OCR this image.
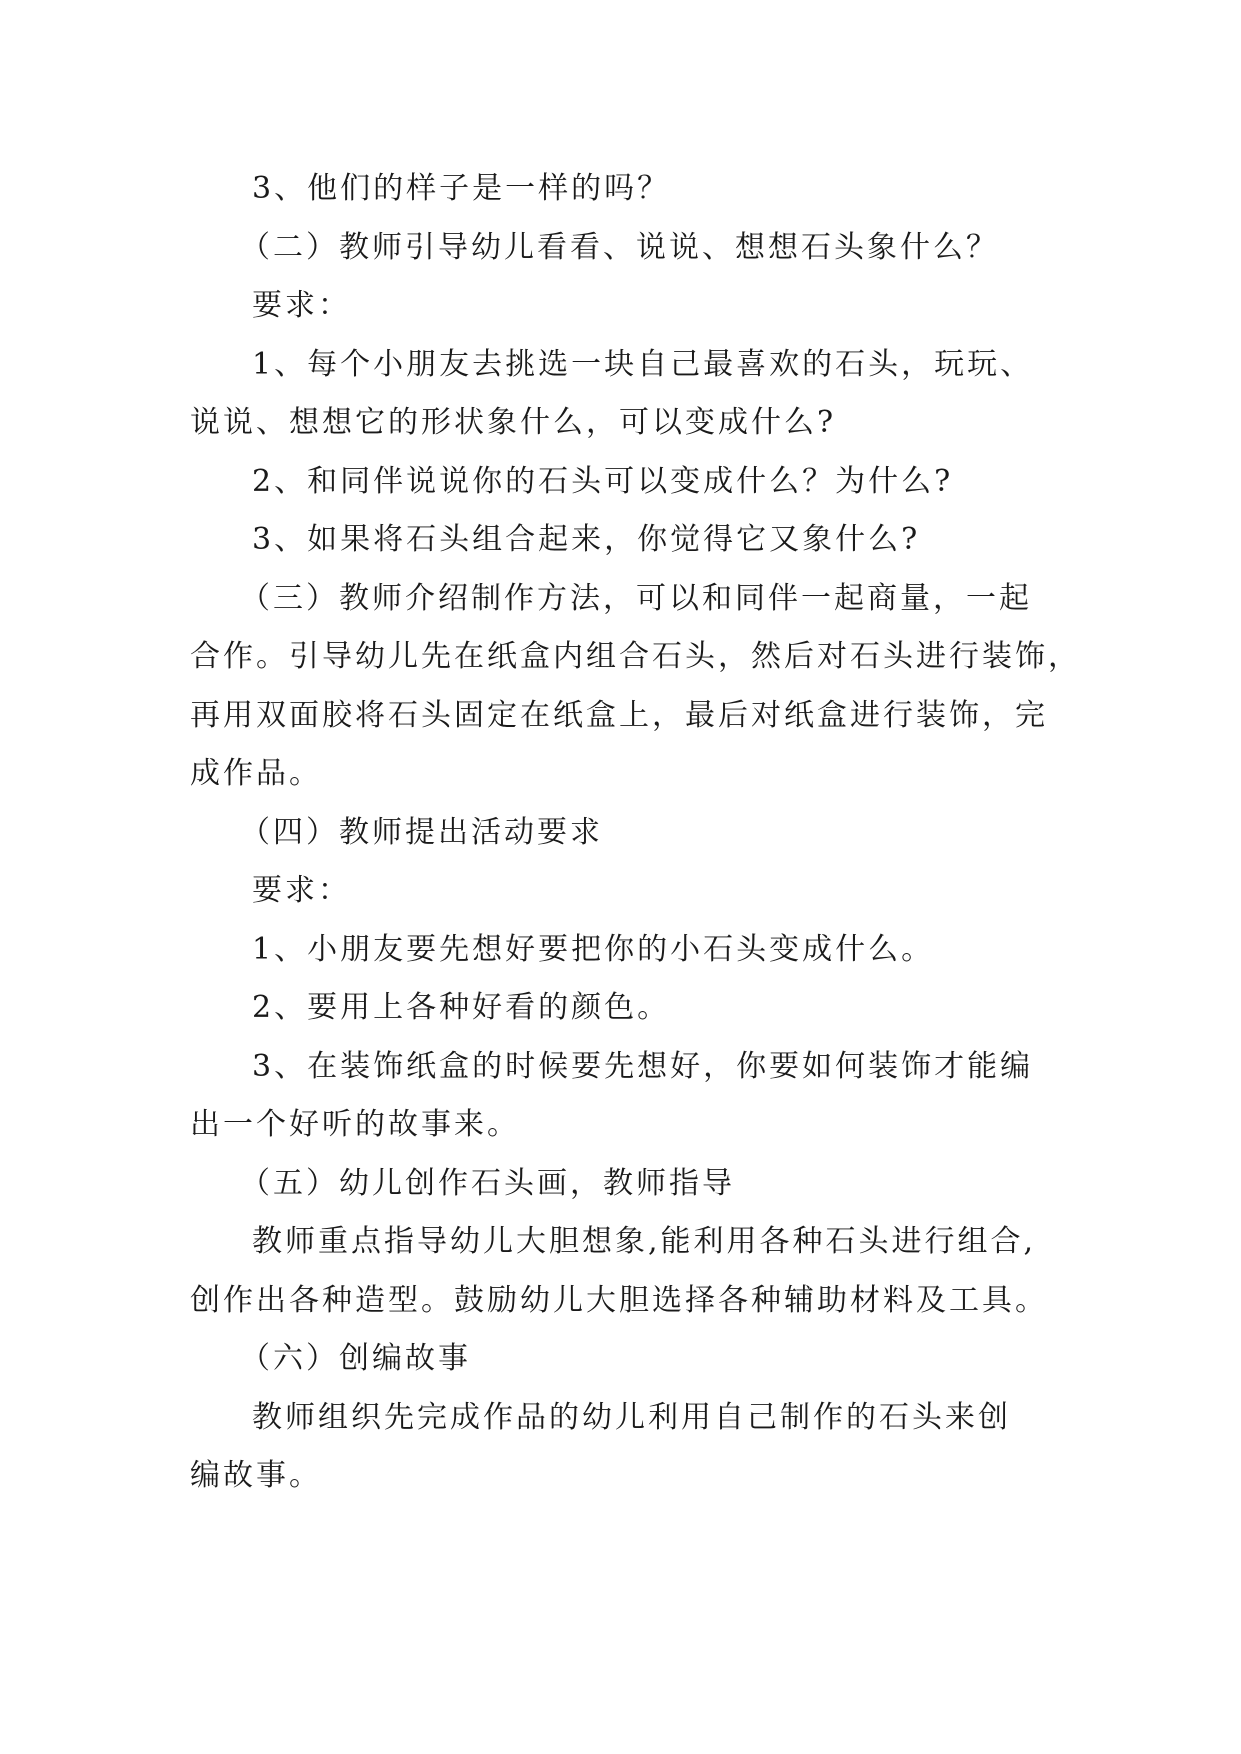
3、他们的样子是一样的吗？
（二）教师引导幼儿看看、说说、想想石头象什么？
要求：
1、每个小朋友去挑选一块自己最喜欢的石头，玩玩、
说说、想想它的形状象什么，可以变成什么?
2、和同伴说说你的石头可以变成什么？为什么?
3、如果将石头组合起来，你觉得它又象什么?
（三）教师介绍制作方法，可以和同伴一起商量，一起
合作。引导幼儿先在纸盒内组合石头，然后对石头进行装饰，
再用双面胶将石头固定在纸盒上，最后对纸盒进行装饰，完
成作品。
（四）教师提出活动要求
要求：
1、小朋友要先想好要把你的小石头变成什么。
2、要用上各种好看的颜色。
3、在装饰纸盒的时候要先想好，你要如何装饰才能编
出一个好听的故事来。
（五）幼儿创作石头画，教师指导
教师重点指导幼儿大胆想象,能利用各种石头进行组合,
创作出各种造型。鼓励幼儿大胆选择各种辅助材料及工具。
（六）创编故事
教师组织先完成作品的幼儿利用自己制作的石头来创
编故事。
